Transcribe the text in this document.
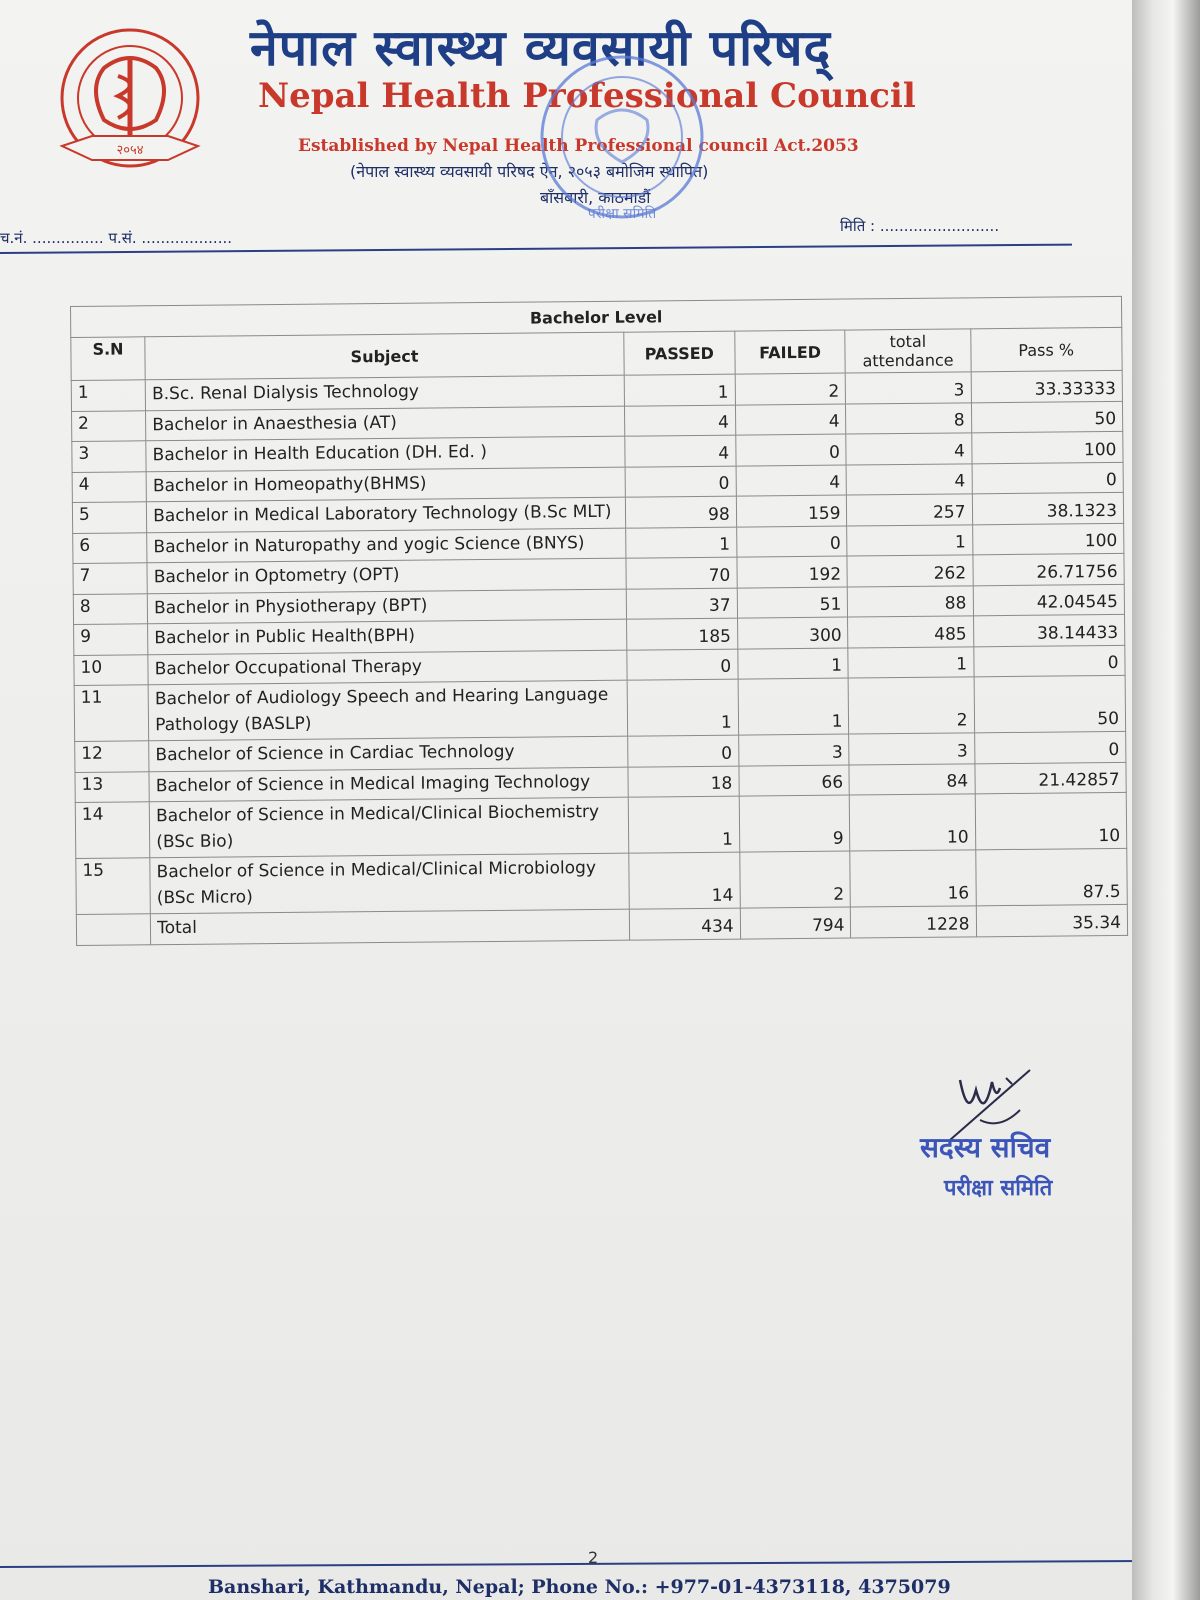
२०५४
नेपाल स्वास्थ्य व्यवसायी परिषद्
Nepal Health Professional Council
Established by Nepal Health Professional council Act.2053
(नेपाल स्वास्थ्य व्यवसायी परिषद ऐन, २०५३ बमोजिम स्थापित)
बाँसबारी, काठमाडौं
परीक्षा समिति
च.नं. ............... प.सं. ...................
मिति : .........................
Bachelor Level					
S.N	Subject	PASSED	FAILED	total attendance	Pass %
1	B.Sc. Renal Dialysis Technology	1	2	3	33.33333
2	Bachelor in Anaesthesia (AT)	4	4	8	50
3	Bachelor in Health Education (DH. Ed. )	4	0	4	100
4	Bachelor in Homeopathy(BHMS)	0	4	4	0
5	Bachelor in Medical Laboratory Technology (B.Sc MLT)	98	159	257	38.1323
6	Bachelor in Naturopathy and yogic Science (BNYS)	1	0	1	100
7	Bachelor in Optometry (OPT)	70	192	262	26.71756
8	Bachelor in Physiotherapy (BPT)	37	51	88	42.04545
9	Bachelor in Public Health(BPH)	185	300	485	38.14433
10	Bachelor Occupational Therapy	0	1	1	0
11	Bachelor of Audiology Speech and Hearing Language Pathology (BASLP)	1	1	2	50
12	Bachelor of Science in Cardiac Technology	0	3	3	0
13	Bachelor of Science in Medical Imaging Technology	18	66	84	21.42857
14	Bachelor of Science in Medical/Clinical Biochemistry (BSc Bio)	1	9	10	10
15	Bachelor of Science in Medical/Clinical Microbiology (BSc Micro)	14	2	16	87.5
	Total	434	794	1228	35.34
सदस्य सचिव
परीक्षा समिति
2
Banshari, Kathmandu, Nepal; Phone No.: +977-01-4373118, 4375079
